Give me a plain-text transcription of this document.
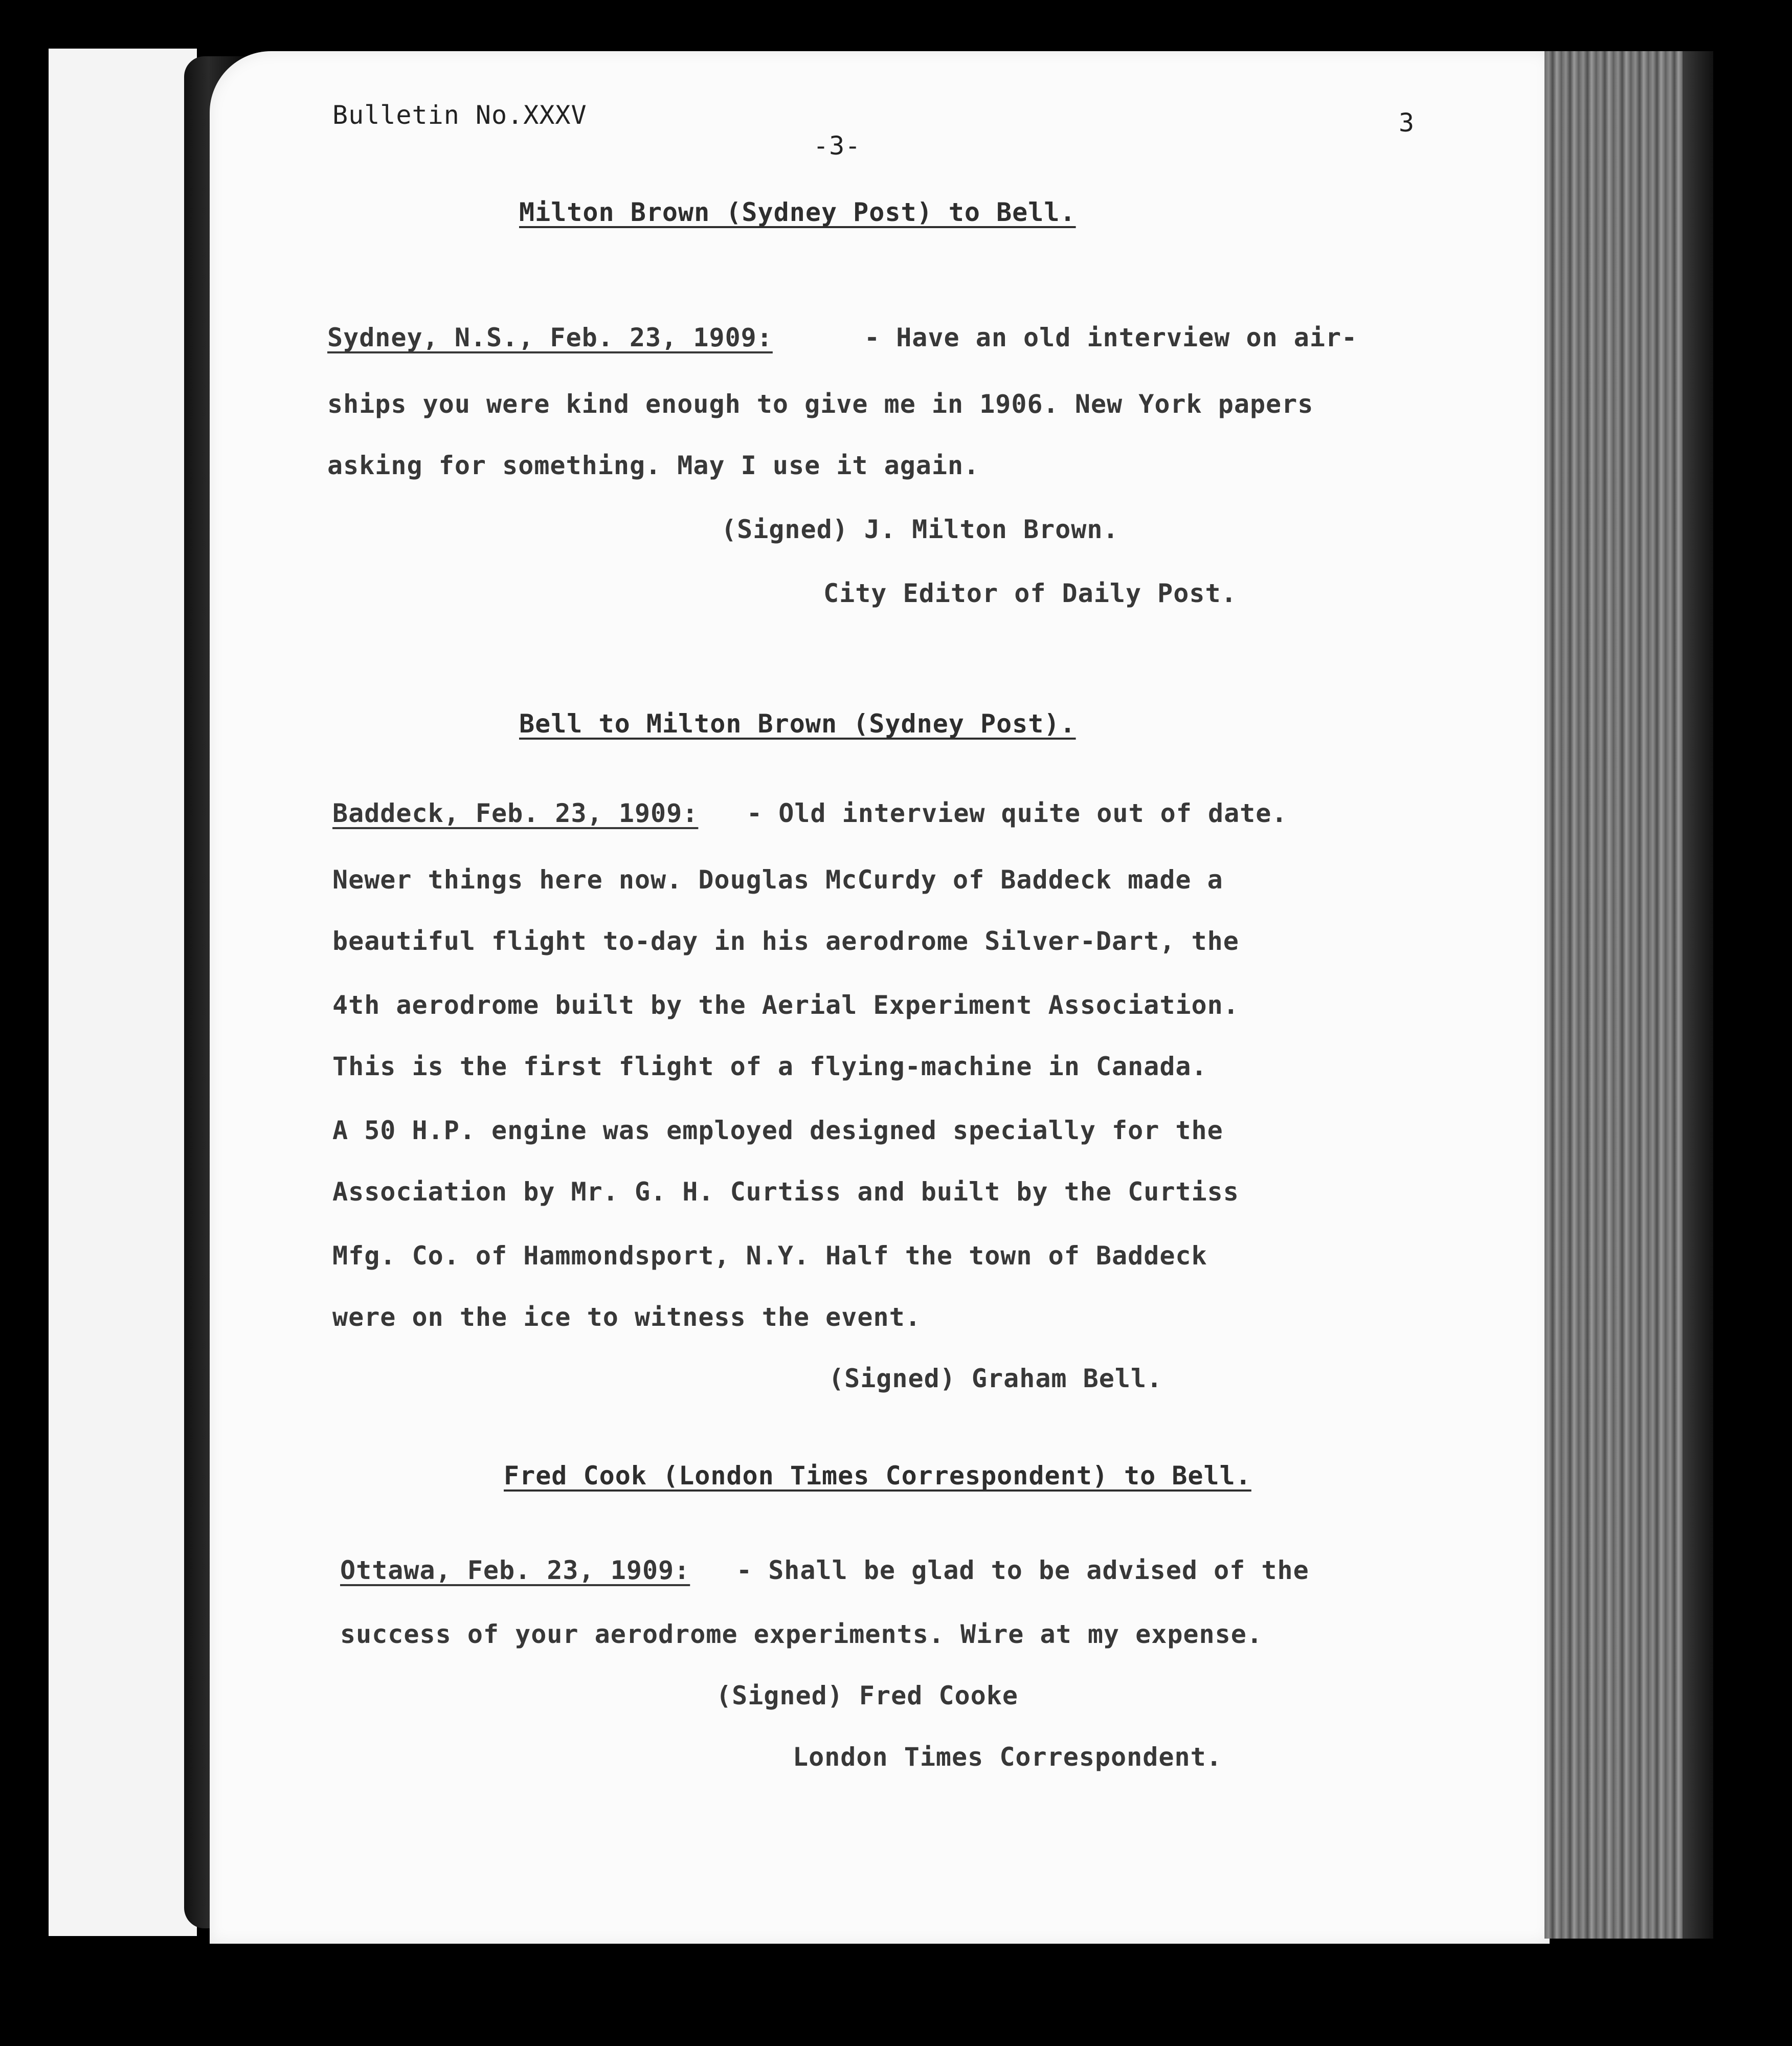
Bulletin No.XXXV
-3-
3
Milton Brown (Sydney Post) to Bell.
Sydney, N.S., Feb. 23, 1909:	- Have an old interview on air-
ships you were kind enough to give me in 1906. New York papers
asking for something. May I use it again.
(Signed) J. Milton Brown.
City Editor of Daily Post.
Bell to Milton Brown (Sydney Post).
Baddeck, Feb. 23, 1909: - Old interview quite out of date.
Newer things here now. Douglas McCurdy of Baddeck made a
beautiful flight to-day in his aerodrome Silver-Dart, the
4th aerodrome built by the Aerial Experiment Association.
This is the first flight of a flying-machine in Canada.
A 50 H.P. engine was employed designed specially for the
Association by Mr. G. H. Curtiss and built by the Curtiss
Mfg. Co. of Hammondsport, N.Y. Half the town of Baddeck
were on the ice to witness the event.
(Signed) Graham Bell.
Fred Cook (London Times Correspondent) to Bell.
Ottawa, Feb. 23, 1909: - Shall be glad to be advised of the
success of your aerodrome experiments. Wire at my expense.
(Signed) Fred Cooke
London Times Correspondent.
